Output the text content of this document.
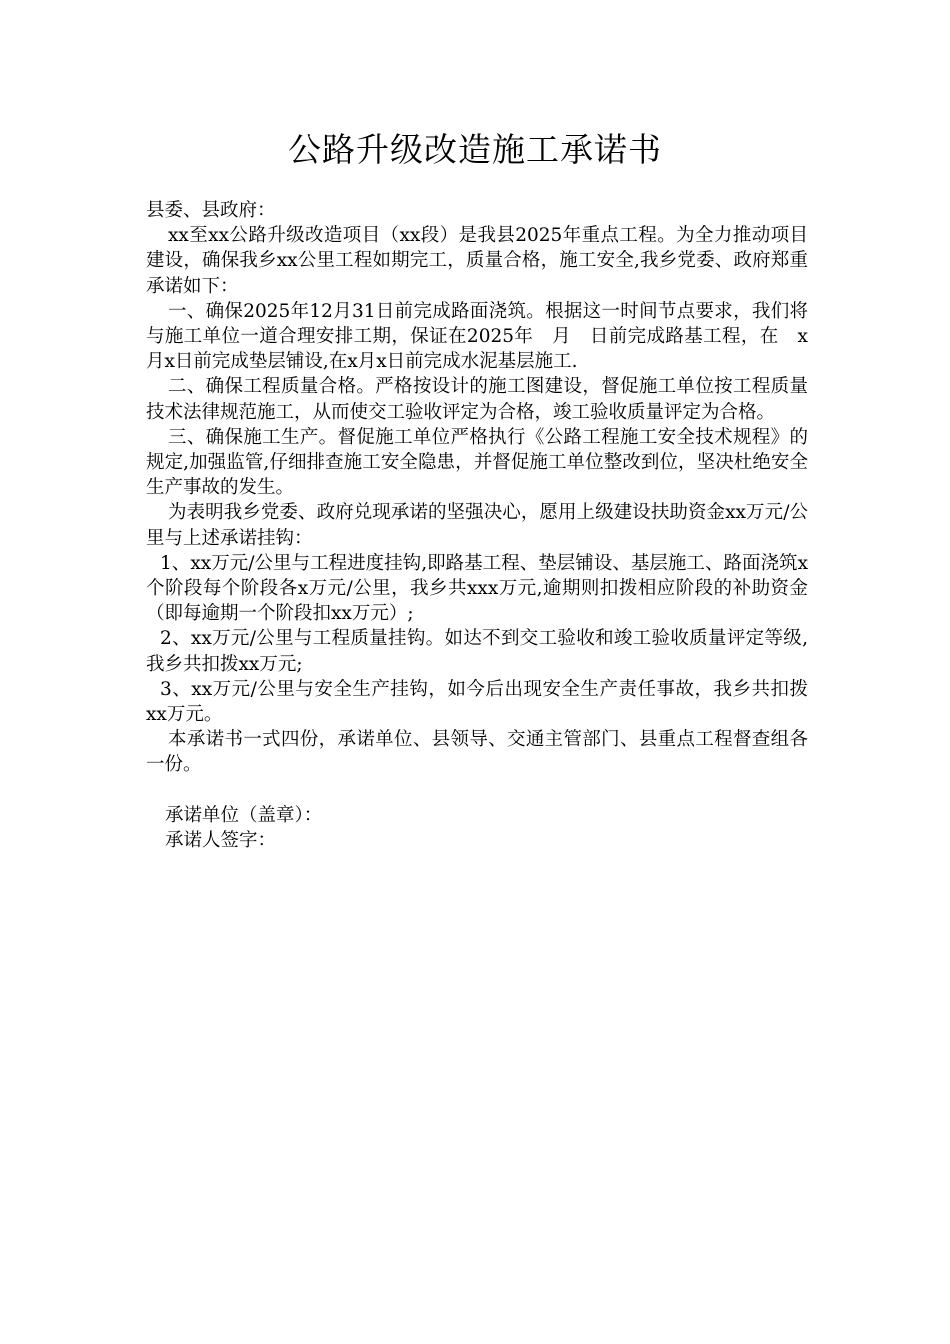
公路升级改造施工承诺书

县委、县政府：

xx至xx公路升级改造项目（xx段）是我县2025年重点工程。为全力推动项目建设，确保我乡xx公里工程如期完工，质量合格，施工安全,我乡党委、政府郑重承诺如下：

一、确保2025年12月31日前完成路面浇筑。根据这一时间节点要求，我们将与施工单位一道合理安排工期，保证在2025年　月　日前完成路基工程，在　x月x日前完成垫层铺设,在x月x日前完成水泥基层施工.

二、确保工程质量合格。严格按设计的施工图建设，督促施工单位按工程质量技术法律规范施工，从而使交工验收评定为合格，竣工验收质量评定为合格。

三、确保施工生产。督促施工单位严格执行《公路工程施工安全技术规程》的规定,加强监管,仔细排查施工安全隐患，并督促施工单位整改到位，坚决杜绝安全生产事故的发生。

为表明我乡党委、政府兑现承诺的坚强决心，愿用上级建设扶助资金xx万元/公里与上述承诺挂钩：

1、xx万元/公里与工程进度挂钩,即路基工程、垫层铺设、基层施工、路面浇筑x个阶段每个阶段各x万元/公里，我乡共xxx万元,逾期则扣拨相应阶段的补助资金（即每逾期一个阶段扣xx万元）;

2、xx万元/公里与工程质量挂钩。如达不到交工验收和竣工验收质量评定等级,我乡共扣拨xx万元;

3、xx万元/公里与安全生产挂钩，如今后出现安全生产责任事故，我乡共扣拨xx万元。

本承诺书一式四份，承诺单位、县领导、交通主管部门、县重点工程督查组各一份。

承诺单位（盖章）：

承诺人签字：
